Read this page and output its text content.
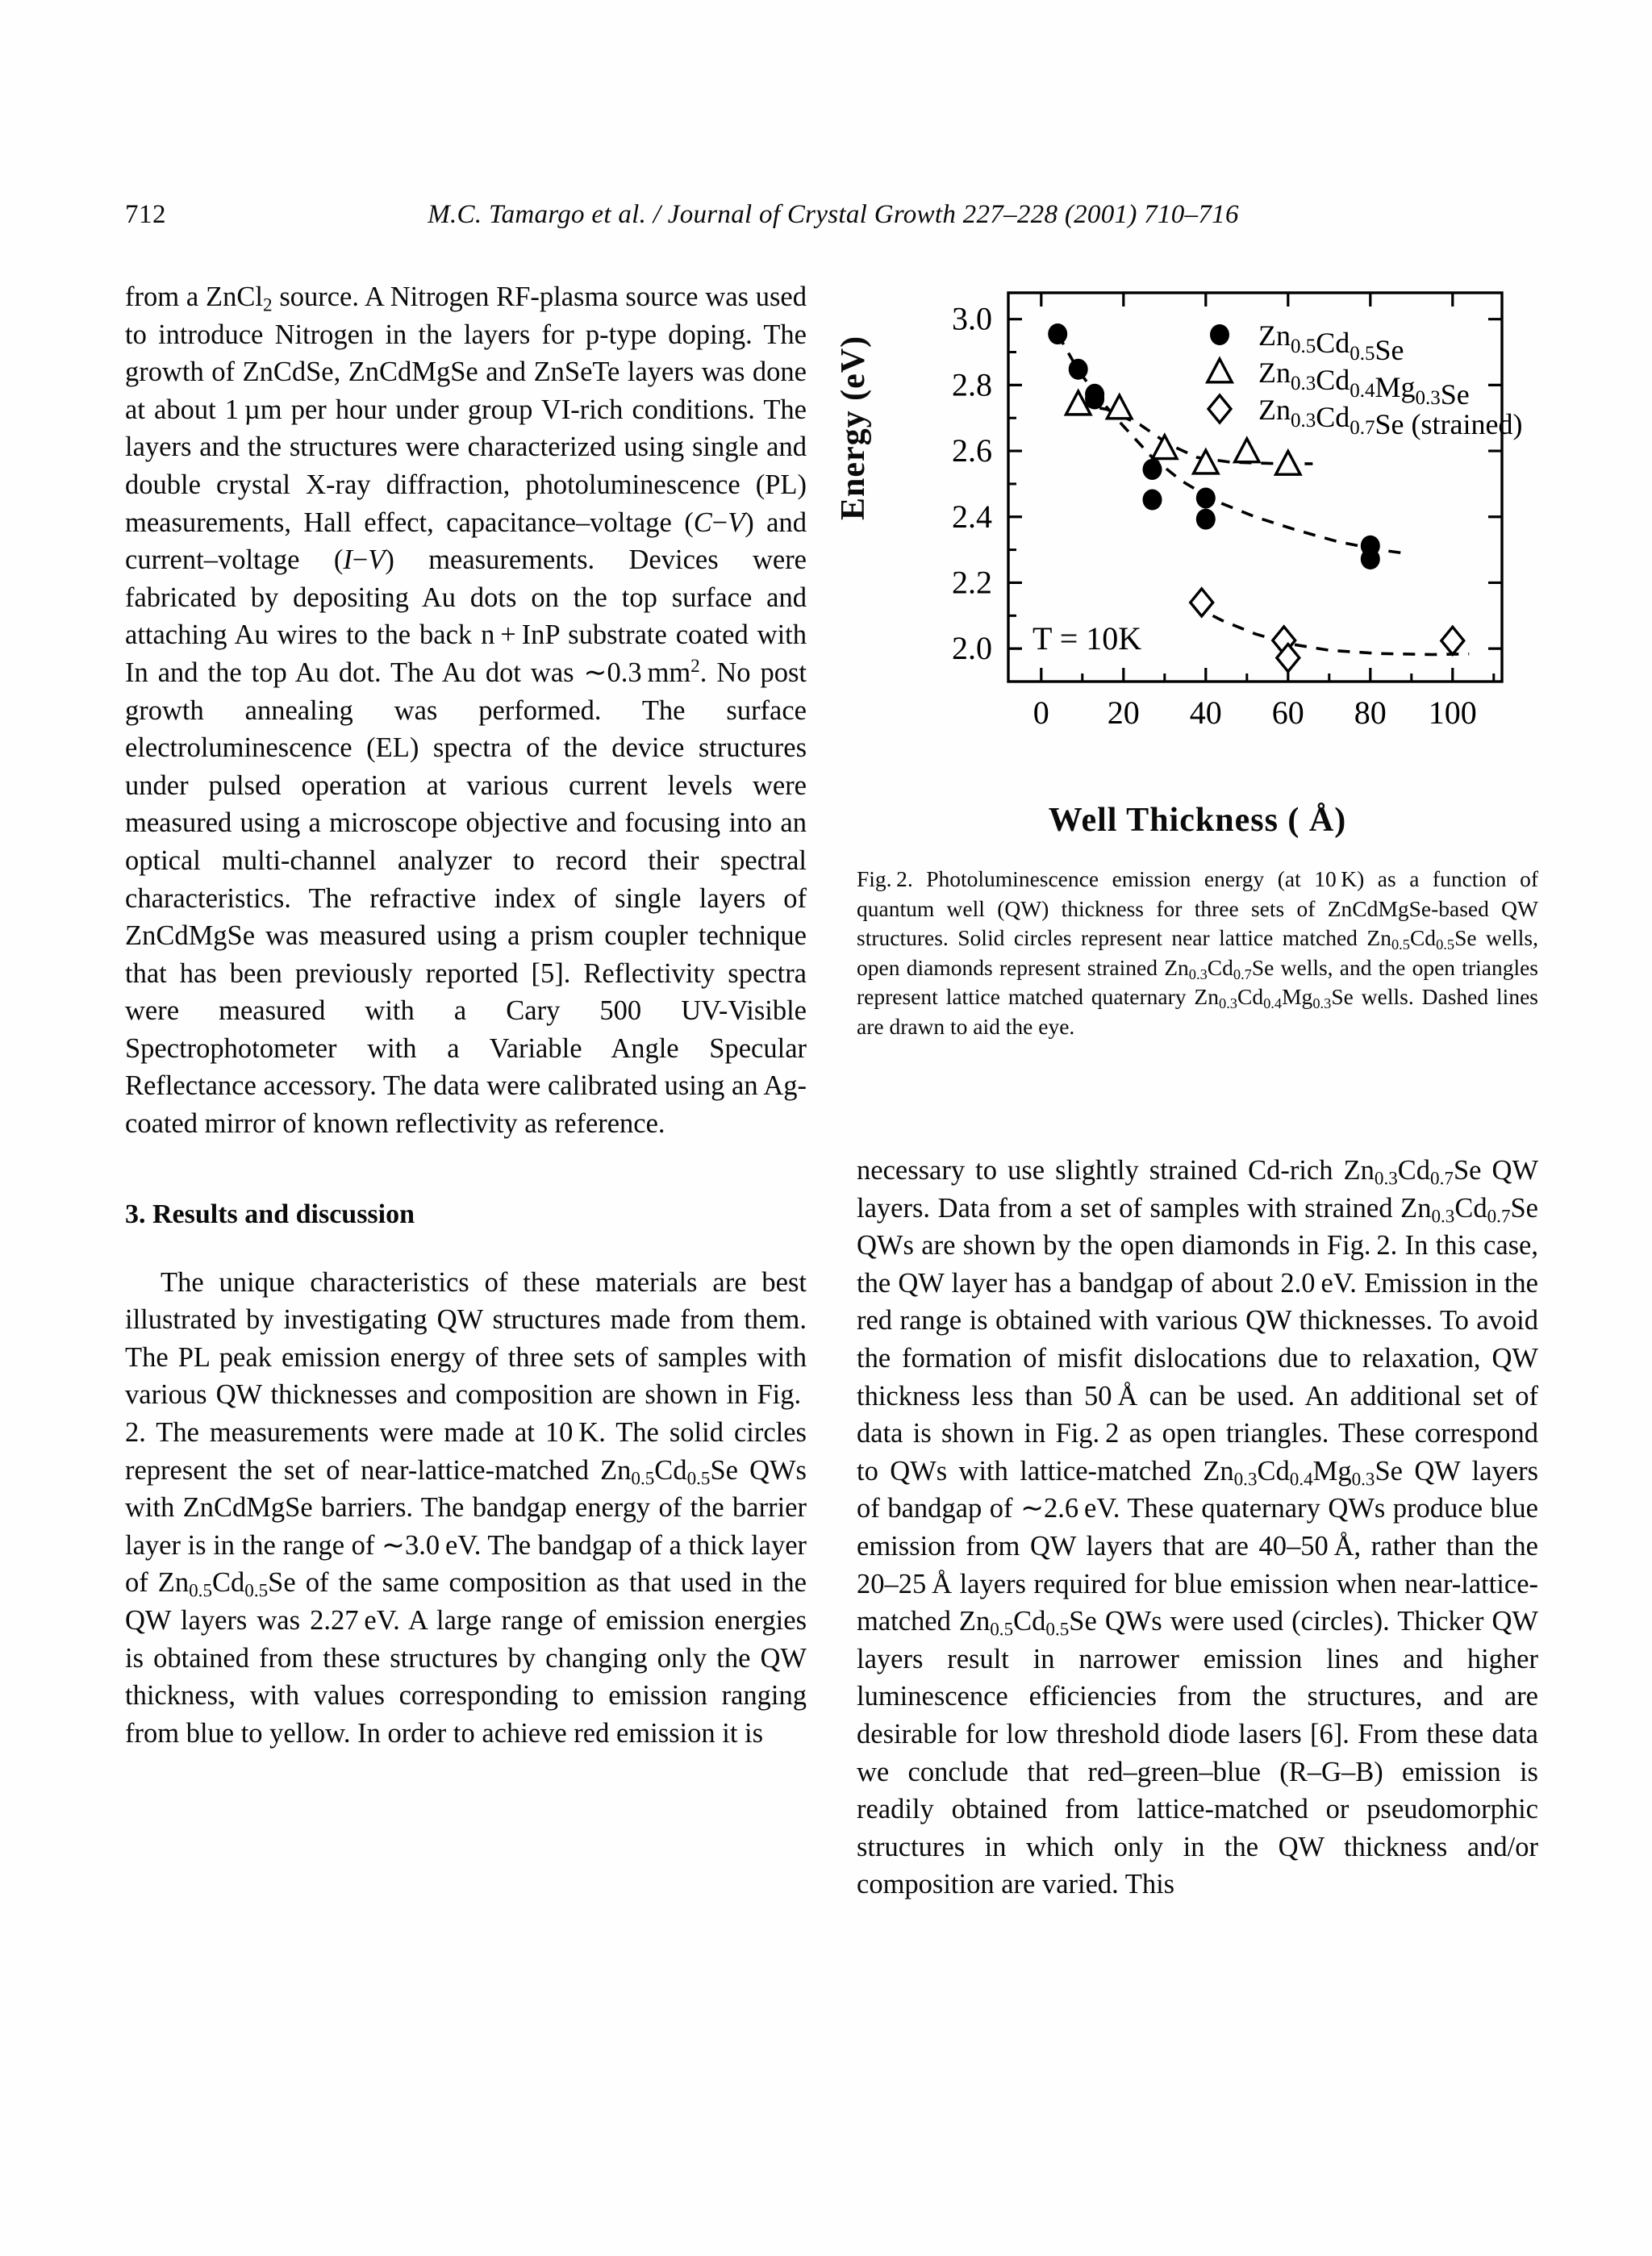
712	M.C. Tamargo et al. / Journal of Crystal Growth 227–228 (2001) 710–716

from a ZnCl$_2$ source. A Nitrogen RF-plasma source was used to introduce Nitrogen in the layers for p-type doping. The growth of ZnCdSe, ZnCdMgSe and ZnSeTe layers was done at about 1 µm per hour under group VI-rich conditions. The layers and the structures were characterized using single and double crystal X-ray diffraction, photoluminescence (PL) measurements, Hall effect, capacitance–voltage (C−V) and current–voltage (I−V) measurements. Devices were fabricated by depositing Au dots on the top surface and attaching Au wires to the back n + InP substrate coated with In and the top Au dot. The Au dot was ∼0.3 $mm^2$. No post growth annealing was performed. The surface electroluminescence (EL) spectra of the device structures under pulsed operation at various current levels were measured using a microscope objective and focusing into an optical multi-channel analyzer to record their spectral characteristics. The refractive index of single layers of ZnCdMgSe was measured using a prism coupler technique that has been previously reported [5]. Reflectivity spectra were measured with a Cary 500 UV-Visible Spectrophotometer with a Variable Angle Specular Reflectance accessory. The data were calibrated using an Ag-coated mirror of known reflectivity as reference.

3. Results and discussion

The unique characteristics of these materials are best illustrated by investigating QW structures made from them. The PL peak emission energy of three sets of samples with various QW thicknesses and composition are shown in Fig. 2. The measurements were made at 10 K. The solid circles represent the set of near-lattice-matched $Zn_{0.5}Cd_{0.5}Se$ QWs with ZnCdMgSe barriers. The bandgap energy of the barrier layer is in the range of ∼3.0 eV. The bandgap of a thick layer of $Zn_{0.5}Cd_{0.5}Se$ of the same composition as that used in the QW layers was 2.27 eV. A large range of emission energies is obtained from these structures by changing only the QW thickness, with values corresponding to emission ranging from blue to yellow. In order to achieve red emission it is

Energy (eV)
0 20 40 60 80 100
2.0
2.2
2.4
2.6
2.8
3.0
T = 10K
$Zn_{0.5}Cd_{0.5}Se$
$Zn_{0.3}Cd_{0.4}Mg_{0.3}Se$
$Zn_{0.3}Cd_{0.7}Se$ (strained)
Well Thickness ( Å)
Fig. 2. Photoluminescence emission energy (at 10 K) as a function of quantum well (QW) thickness for three sets of ZnCdMgSe-based QW structures. Solid circles represent near lattice matched $Zn_{0.5}Cd_{0.5}Se$ wells, open diamonds represent strained $Zn_{0.3}Cd_{0.7}Se$ wells, and the open triangles represent lattice matched quaternary $Zn_{0.3}Cd_{0.4}Mg_{0.3}Se$ wells. Dashed lines are drawn to aid the eye.

necessary to use slightly strained Cd-rich $Zn_{0.3}Cd_{0.7}Se$ QW layers. Data from a set of samples with strained $Zn_{0.3}Cd_{0.7}Se$ QWs are shown by the open diamonds in Fig. 2. In this case, the QW layer has a bandgap of about 2.0 eV. Emission in the red range is obtained with various QW thicknesses. To avoid the formation of misfit dislocations due to relaxation, QW thickness less than 50 Å can be used. An additional set of data is shown in Fig. 2 as open triangles. These correspond to QWs with lattice-matched $Zn_{0.3}Cd_{0.4}Mg_{0.3}Se$ QW layers of bandgap of ∼2.6 eV. These quaternary QWs produce blue emission from QW layers that are 40–50 Å, rather than the 20–25 Å layers required for blue emission when near-lattice-matched $Zn_{0.5}Cd_{0.5}Se$ QWs were used (circles). Thicker QW layers result in narrower emission lines and higher luminescence efficiencies from the structures, and are desirable for low threshold diode lasers [6]. From these data we conclude that red–green–blue (R–G–B) emission is readily obtained from lattice-matched or pseudomorphic structures in which only in the QW thickness and/or composition are varied. This
